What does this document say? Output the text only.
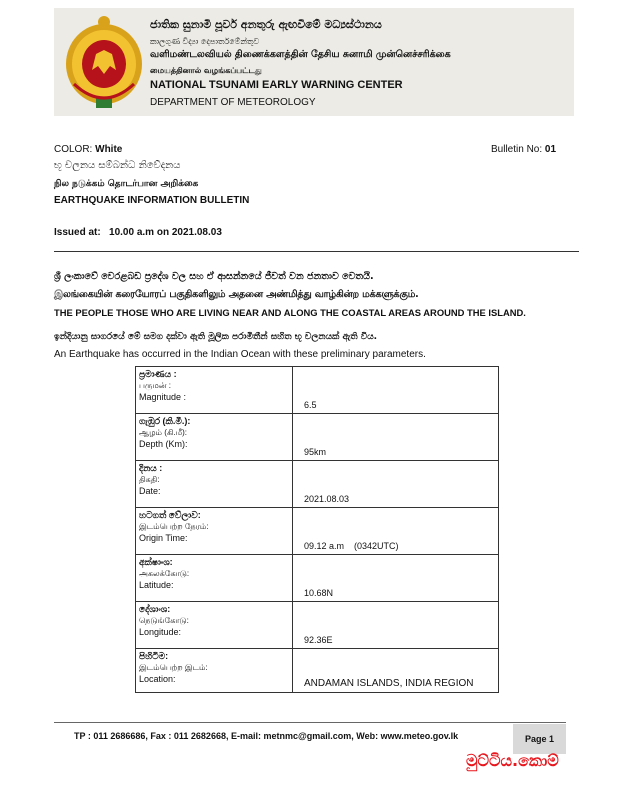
ජාතික සුනාමි පූර්ව අනතුරු ඇඟවීමේ මධ්‍යස්ථානය
කාලගුණ විද්‍යා දෙපාර්තමේන්තුව
வளிமண்டலவியல் திணைக்களத்தின் தேசிய சுனாமி முன்னெச்சரிக்கை
மையத்தினால் வழங்கப்பட்டது
NATIONAL TSUNAMI EARLY WARNING CENTER
DEPARTMENT OF METEOROLOGY
COLOR: White	Bulletin No: 01
භූ චලනය සම්බන්ධ නිවේදනය
நில நடுக்கம் தொடர்பான அறிக்கை
EARTHQUAKE INFORMATION BULLETIN
Issued at: 10.00 a.m on 2021.08.03
ශ්‍රී ලංකාවේ වෙරළබඩ ප්‍රදේශ වල සහ ඒ ආසන්නයේ ජීවත් වන ජනතාව වෙතයි.
இலங்கையின் கரையோரப் பகுதிகளிலும் அதனை அண்மித்து வாழ்கின்ற மக்களுக்கும்.
THE PEOPLE THOSE WHO ARE LIVING NEAR AND ALONG THE COASTAL AREAS AROUND THE ISLAND.
ඉන්දියානු සාගරයේ මේ සමග දක්වා ඇති මූලික පරාමිතීන් සහිත භූ චලනයක් ඇති විය.
An Earthquake has occurred in the Indian Ocean with these preliminary parameters.
ප්‍රමාණය :
பருமன் :
Magnitude :	6.5

ගැඹුර (කි.මී.):
ஆழம் (கி.மீ):
Depth (Km):	95km

දිනය :
திகதி:
Date:	2021.08.03

හටගත් වේලාව:
இடம்பெற்ற நேரம்:
Origin Time:	09.12 a.m    (0342UTC)

අක්ෂාංශ:
அகலக்கோடு:
Latitude:	10.68N

දේශාංශ:
நெடுங்கோடு:
Longitude:	92.36E

පිහිටීම:
இடம்பெற்ற இடம்:
Location:	ANDAMAN ISLANDS, INDIA REGION
TP : 011 2686686, Fax : 011 2682668, E-mail: metnmc@gmail.com, Web: www.meteo.gov.lk	Page 1
මුට්ටිය.කොම්
